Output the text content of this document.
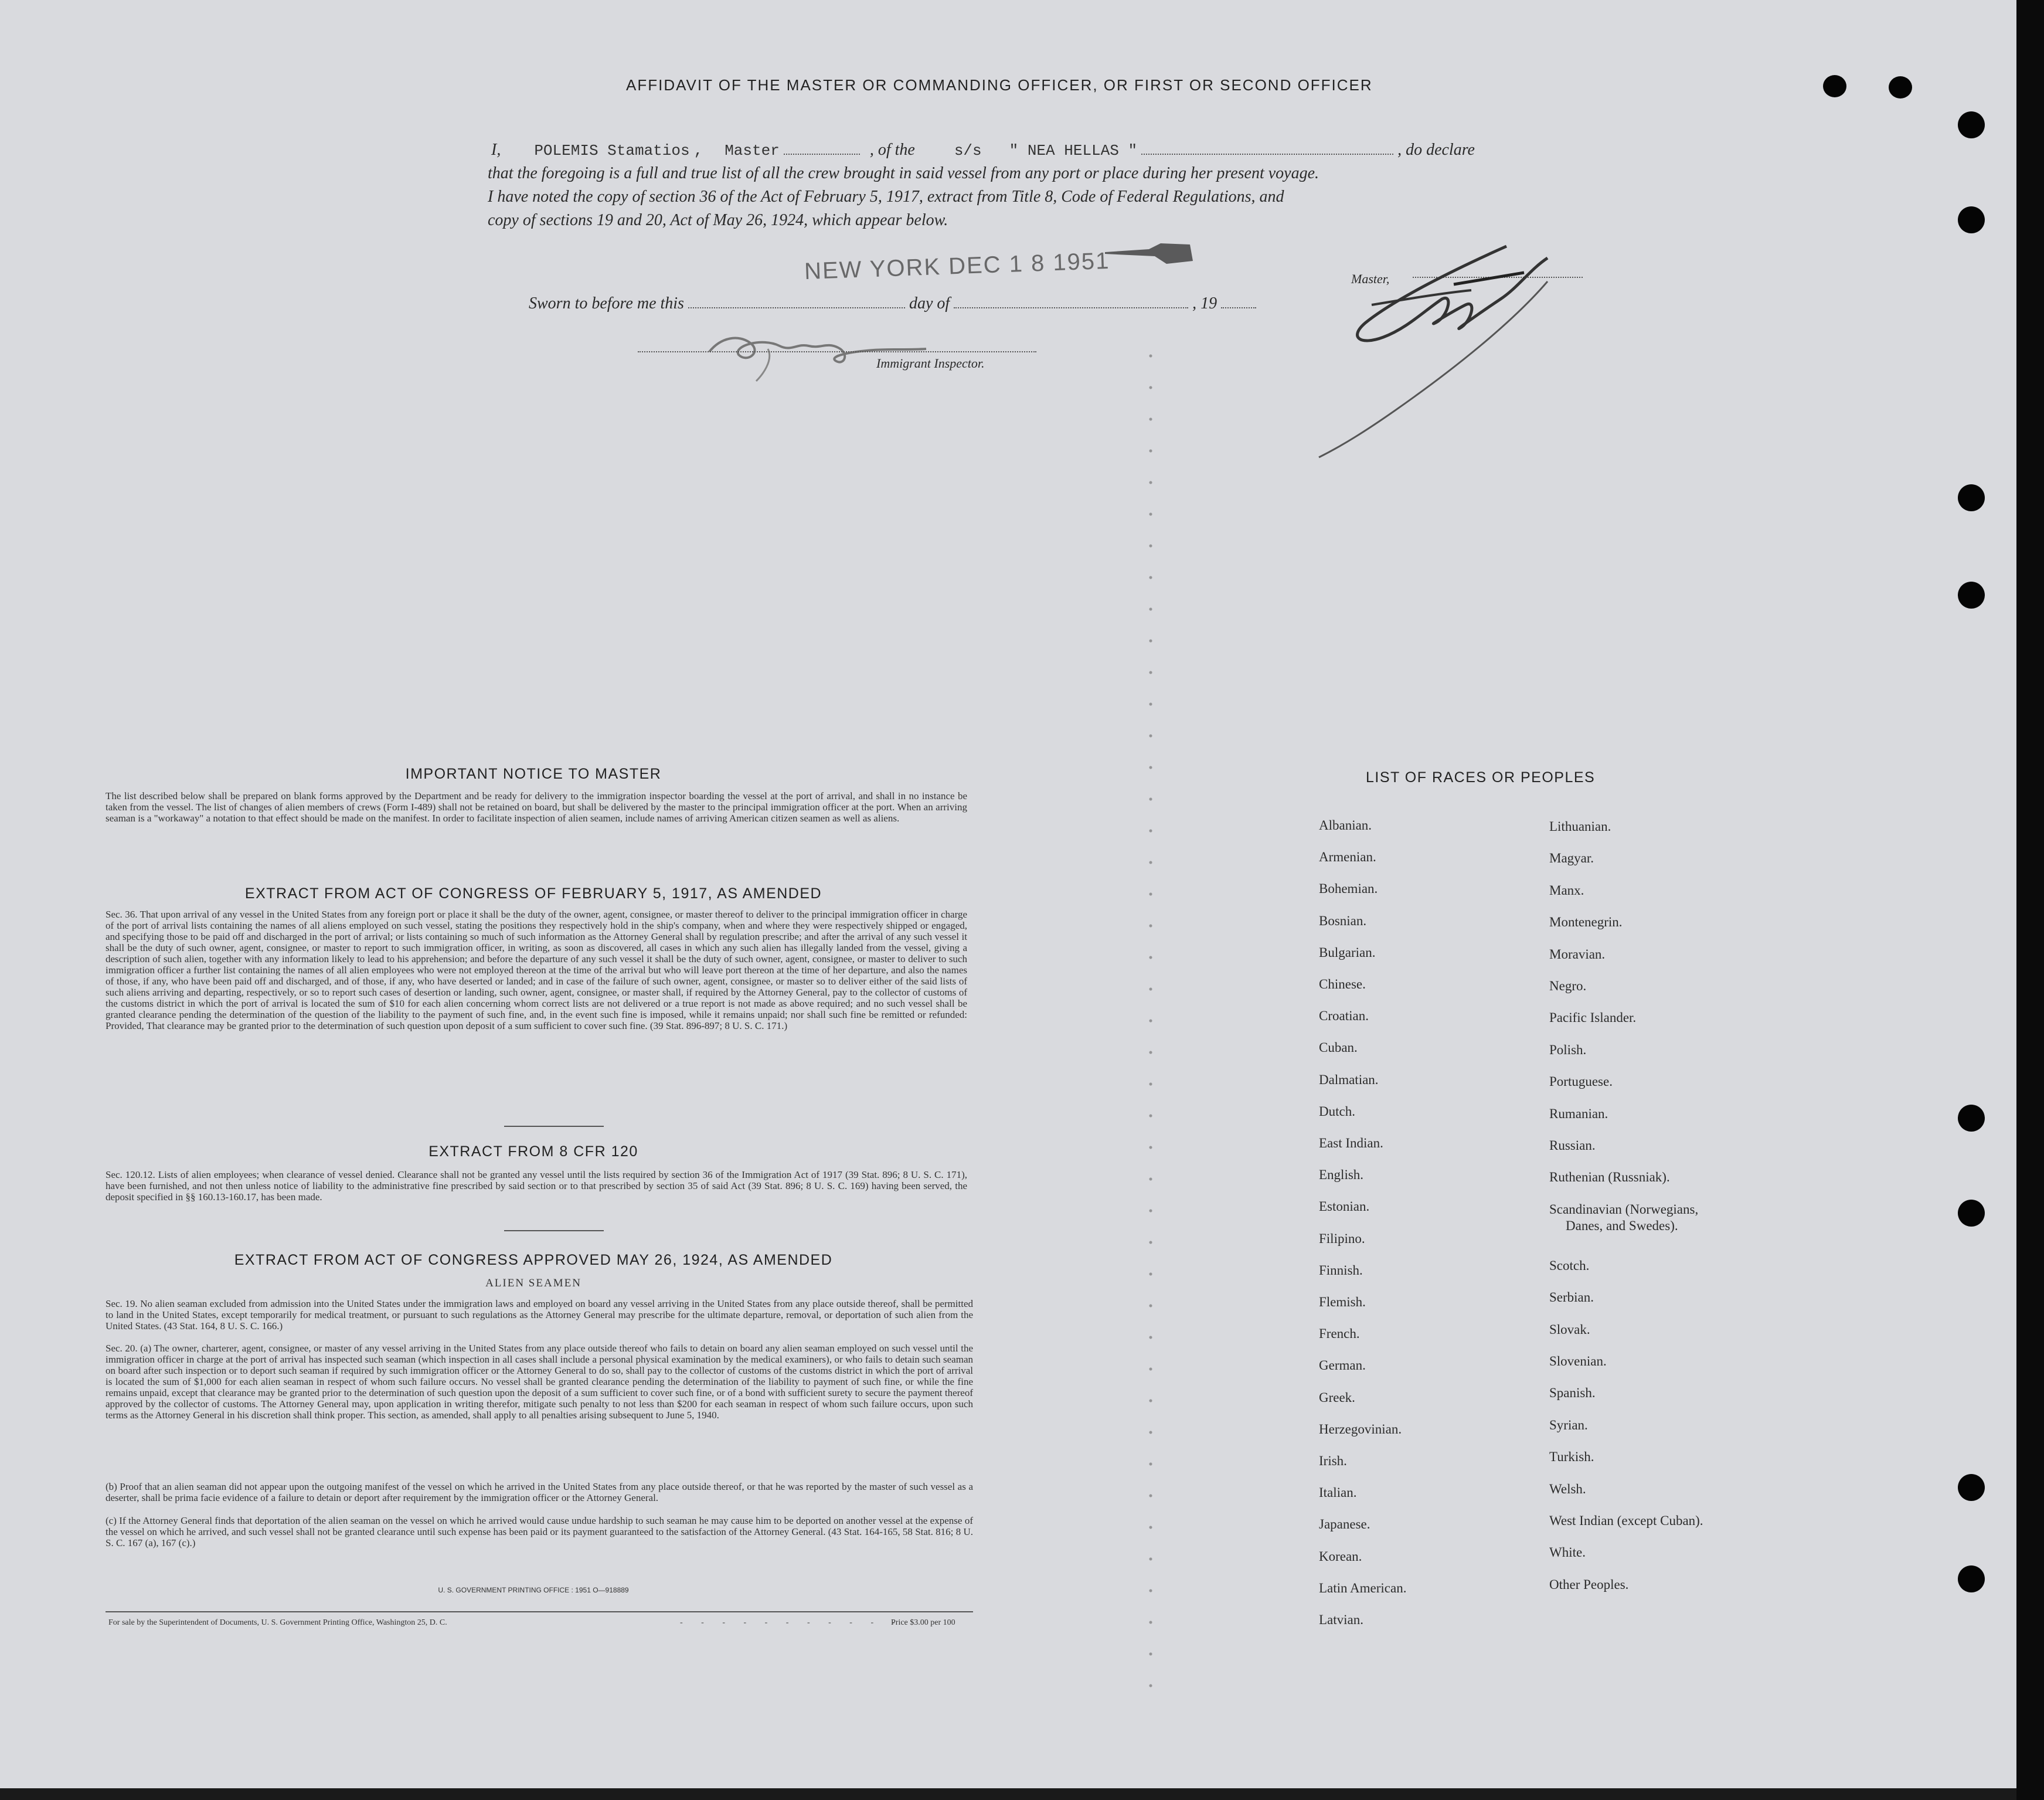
AFFIDAVIT OF THE MASTER OR COMMANDING OFFICER, OR FIRST OR SECOND OFFICER
I, POLEMIS Stamatios , Master	, of the	s/s " NEA HELLAS "	, do declare
that the foregoing is a full and true list of all the crew brought in said vessel from any port or place during her present voyage.
I have noted the copy of section 36 of the Act of February 5, 1917, extract from Title 8, Code of Federal Regulations, and
copy of sections 19 and 20, Act of May 26, 1924, which appear below.
NEW YORK DEC 1 8 1951	Master,
Sworn to before me this	day of	, 19
Immigrant Inspector.
IMPORTANT NOTICE TO MASTER
The list described below shall be prepared on blank forms approved by the Department and be ready for delivery to the immigration inspector boarding the vessel at the port of arrival, and shall in no instance be taken from the vessel. The list of changes of alien members of crews (Form I-489) shall not be retained on board, but shall be delivered by the master to the principal immigration officer at the port. When an arriving seaman is a "workaway" a notation to that effect should be made on the manifest. In order to facilitate inspection of alien seamen, include names of arriving American citizen seamen as well as aliens.
EXTRACT FROM ACT OF CONGRESS OF FEBRUARY 5, 1917, AS AMENDED
Sec. 36. That upon arrival of any vessel in the United States from any foreign port or place it shall be the duty of the owner, agent, consignee, or master thereof to deliver to the principal immigration officer in charge of the port of arrival lists containing the names of all aliens employed on such vessel, stating the positions they respectively hold in the ship's company, when and where they were respectively shipped or engaged, and specifying those to be paid off and discharged in the port of arrival; or lists containing so much of such information as the Attorney General shall by regulation prescribe; and after the arrival of any such vessel it shall be the duty of such owner, agent, consignee, or master to report to such immigration officer, in writing, as soon as discovered, all cases in which any such alien has illegally landed from the vessel, giving a description of such alien, together with any information likely to lead to his apprehension; and before the departure of any such vessel it shall be the duty of such owner, agent, consignee, or master to deliver to such immigration officer a further list containing the names of all alien employees who were not employed thereon at the time of the arrival but who will leave port thereon at the time of her departure, and also the names of those, if any, who have been paid off and discharged, and of those, if any, who have deserted or landed; and in case of the failure of such owner, agent, consignee, or master so to deliver either of the said lists of such aliens arriving and departing, respectively, or so to report such cases of desertion or landing, such owner, agent, consignee, or master shall, if required by the Attorney General, pay to the collector of customs of the customs district in which the port of arrival is located the sum of $10 for each alien concerning whom correct lists are not delivered or a true report is not made as above required; and no such vessel shall be granted clearance pending the determination of the question of the liability to the payment of such fine, and, in the event such fine is imposed, while it remains unpaid; nor shall such fine be remitted or refunded: Provided, That clearance may be granted prior to the determination of such question upon deposit of a sum sufficient to cover such fine. (39 Stat. 896-897; 8 U. S. C. 171.)
EXTRACT FROM 8 CFR 120
Sec. 120.12. Lists of alien employees; when clearance of vessel denied. Clearance shall not be granted any vessel until the lists required by section 36 of the Immigration Act of 1917 (39 Stat. 896; 8 U. S. C. 171), have been furnished, and not then unless notice of liability to the administrative fine prescribed by said section or to that prescribed by section 35 of said Act (39 Stat. 896; 8 U. S. C. 169) having been served, the deposit specified in §§ 160.13-160.17, has been made.
EXTRACT FROM ACT OF CONGRESS APPROVED MAY 26, 1924, AS AMENDED
ALIEN SEAMEN
Sec. 19. No alien seaman excluded from admission into the United States under the immigration laws and employed on board any vessel arriving in the United States from any place outside thereof, shall be permitted to land in the United States, except temporarily for medical treatment, or pursuant to such regulations as the Attorney General may prescribe for the ultimate departure, removal, or deportation of such alien from the United States. (43 Stat. 164, 8 U. S. C. 166.)
Sec. 20. (a) The owner, charterer, agent, consignee, or master of any vessel arriving in the United States from any place outside thereof who fails to detain on board any alien seaman employed on such vessel until the immigration officer in charge at the port of arrival has inspected such seaman (which inspection in all cases shall include a personal physical examination by the medical examiners), or who fails to detain such seaman on board after such inspection or to deport such seaman if required by such immigration officer or the Attorney General to do so, shall pay to the collector of customs of the customs district in which the port of arrival is located the sum of $1,000 for each alien seaman in respect of whom such failure occurs. No vessel shall be granted clearance pending the determination of the liability to payment of such fine, or while the fine remains unpaid, except that clearance may be granted prior to the determination of such question upon the deposit of a sum sufficient to cover such fine, or of a bond with sufficient surety to secure the payment thereof approved by the collector of customs. The Attorney General may, upon application in writing therefor, mitigate such penalty to not less than $200 for each seaman in respect of whom such failure occurs, upon such terms as the Attorney General in his discretion shall think proper. This section, as amended, shall apply to all penalties arising subsequent to June 5, 1940.
(b) Proof that an alien seaman did not appear upon the outgoing manifest of the vessel on which he arrived in the United States from any place outside thereof, or that he was reported by the master of such vessel as a deserter, shall be prima facie evidence of a failure to detain or deport after requirement by the immigration officer or the Attorney General.
(c) If the Attorney General finds that deportation of the alien seaman on the vessel on which he arrived would cause undue hardship to such seaman he may cause him to be deported on another vessel at the expense of the vessel on which he arrived, and such vessel shall not be granted clearance until such expense has been paid or its payment guaranteed to the satisfaction of the Attorney General. (43 Stat. 164-165, 58 Stat. 816; 8 U. S. C. 167 (a), 167 (c).)
U. S. GOVERNMENT PRINTING OFFICE : 1951 O—918889
For sale by the Superintendent of Documents, U. S. Government Printing Office, Washington 25, D. C.	- - - - - - - - - - -
Price $3.00 per 100
LIST OF RACES OR PEOPLES
Albanian.
Armenian.
Bohemian.
Bosnian.
Bulgarian.
Chinese.
Croatian.
Cuban.
Dalmatian.
Dutch.
East Indian.
English.
Estonian.
Filipino.
Finnish.
Flemish.
French.
German.
Greek.
Herzegovinian.
Irish.
Italian.
Japanese.
Korean.
Latin American.
Latvian.
Lithuanian.
Magyar.
Manx.
Montenegrin.
Moravian.
Negro.
Pacific Islander.
Polish.
Portuguese.
Rumanian.
Russian.
Ruthenian (Russniak).
Scandinavian (Norwegians,
Danes, and Swedes).
Scotch.
Serbian.
Slovak.
Slovenian.
Spanish.
Syrian.
Turkish.
Welsh.
West Indian (except Cuban).
White.
Other Peoples.
